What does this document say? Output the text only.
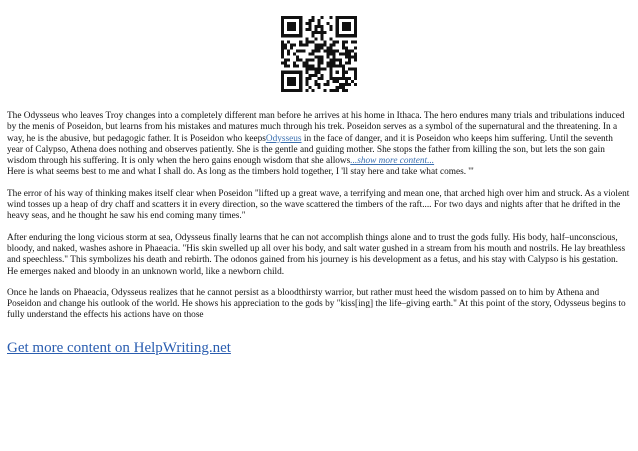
The Odysseus who leaves Troy changes into a completely different man before he arrives at his home in Ithaca. The hero endures many trials and tribulations induced by the menis of Poseidon, but learns from his mistakes and matures much through his trek. Poseidon serves as a symbol of the supernatural and the threatening. In a way, he is the abusive, but pedagogic father. It is Poseidon who keepsOdysseus in the face of danger, and it is Poseidon who keeps him suffering. Until the seventh year of Calypso, Athena does nothing and observes patiently. She is the gentle and guiding mother. She stops the father from killing the son, but lets the son gain wisdom through his suffering. It is only when the hero gains enough wisdom that she allows...show more content...

Here is what seems best to me and what I shall do. As long as the timbers hold together, I 'll stay here and take what comes. '"

The error of his way of thinking makes itself clear when Poseidon "lifted up a great wave, a terrifying and mean one, that arched high over him and struck. As a violent wind tosses up a heap of dry chaff and scatters it in every direction, so the wave scattered the timbers of the raft.... For two days and nights after that he drifted in the heavy seas, and he thought he saw his end coming many times."

After enduring the long vicious storm at sea, Odysseus finally learns that he can not accomplish things alone and to trust the gods fully. His body, half–unconscious, bloody, and naked, washes ashore in Phaeacia. "His skin swelled up all over his body, and salt water gushed in a stream from his mouth and nostrils. He lay breathless and speechless." This symbolizes his death and rebirth. The odonos gained from his journey is his development as a fetus, and his stay with Calypso is his gestation. He emerges naked and bloody in an unknown world, like a newborn child.

Once he lands on Phaeacia, Odysseus realizes that he cannot persist as a bloodthirsty warrior, but rather must heed the wisdom passed on to him by Athena and Poseidon and change his outlook of the world. He shows his appreciation to the gods by "kiss[ing] the life–giving earth." At this point of the story, Odysseus begins to fully understand the effects his actions have on those

Get more content on HelpWriting.net
